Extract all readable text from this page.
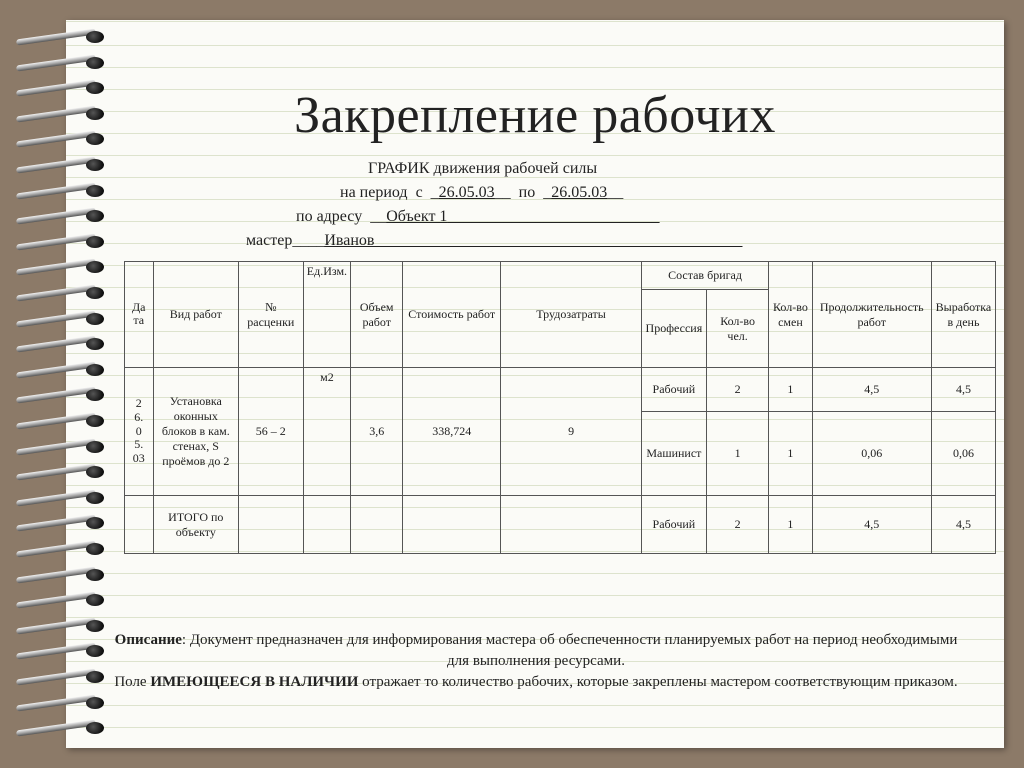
Закрепление рабочих
ГРАФИК движения рабочей силы
на период  с  _26.05.03__  по  _26.05.03__
по адресу  __Объект 1_______________ ___________
мастер____Иванов______________________________________________
Дата	Вид работ	№ расценки	Ед.Изм.	Объем работ	Стоимость работ	Трудозатраты	Состав бригад		Кол-во смен	Продолжительность работ	Выработка в день
							Профессия	Кол-во чел.			
26.05.03	Установка оконных блоков в кам. стенах, S проёмов до 2	56 – 2	м2	3,6	338,724	9	Рабочий	2	1	4,5	4,5
							Машинист	1	1	0,06	0,06
	ИТОГО по объекту						Рабочий	2	1	4,5	4,5

Описание: Документ предназначен для информирования мастера об обеспеченности планируемых работ на период необходимыми для выполнения ресурсами.

Поле ИМЕЮЩЕЕСЯ В НАЛИЧИИ отражает то количество рабочих, которые закреплены мастером соответствующим приказом.
